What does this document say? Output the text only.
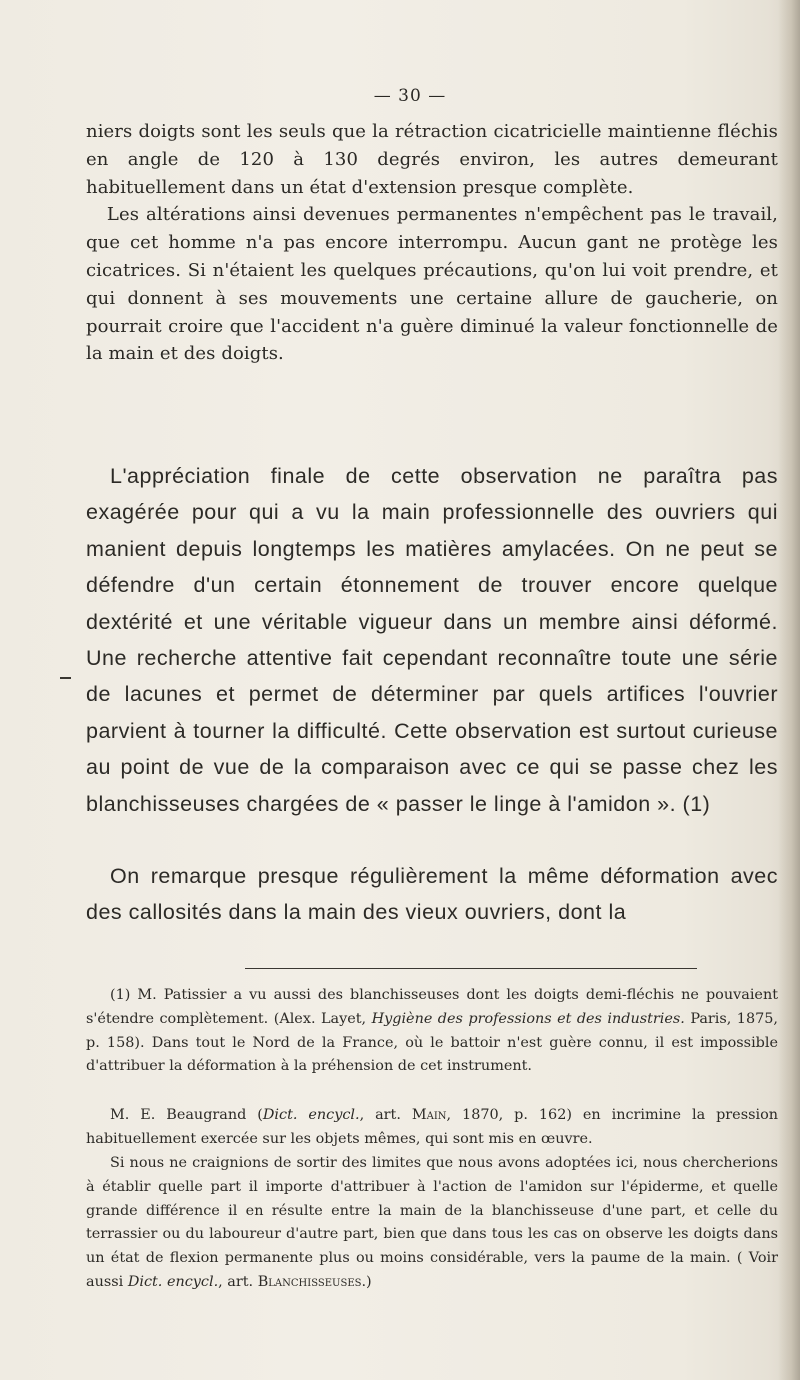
— 30 —

niers doigts sont les seuls que la rétraction cicatricielle maintienne fléchis en angle de 120 à 130 degrés environ, les autres demeurant habituellement dans un état d'extension presque complète.
Les altérations ainsi devenues permanentes n'empêchent pas le travail, que cet homme n'a pas encore interrompu. Aucun gant ne protège les cicatrices. Si n'étaient les quelques précautions, qu'on lui voit prendre, et qui donnent à ses mouvements une certaine allure de gaucherie, on pourrait croire que l'accident n'a guère diminué la valeur fonctionnelle de la main et des doigts.

L'appréciation finale de cette observation ne paraîtra pas exagérée pour qui a vu la main professionnelle des ouvriers qui manient depuis longtemps les matières amylacées. On ne peut se défendre d'un certain étonnement de trouver encore quelque dextérité et une véritable vigueur dans un membre ainsi déformé. Une recherche attentive fait cependant reconnaître toute une série de lacunes et permet de déterminer par quels artifices l'ouvrier parvient à tourner la difficulté. Cette observation est surtout curieuse au point de vue de la comparaison avec ce qui se passe chez les blanchisseuses chargées de « passer le linge à l'amidon ». (1)

On remarque presque régulièrement la même déformation avec des callosités dans la main des vieux ouvriers, dont la

(1) M. Patissier a vu aussi des blanchisseuses dont les doigts demi-fléchis ne pouvaient s'étendre complètement. (Alex. Layet, Hygiène des professions et des industries. Paris, 1875, p. 158). Dans tout le Nord de la France, où le battoir n'est guère connu, il est impossible d'attribuer la déformation à la préhension de cet instrument.

M. E. Beaugrand (Dict. encycl., art. Main, 1870, p. 162) en incrimine la pression habituellement exercée sur les objets mêmes, qui sont mis en œuvre.

Si nous ne craignions de sortir des limites que nous avons adoptées ici, nous chercherions à établir quelle part il importe d'attribuer à l'action de l'amidon sur l'épiderme, et quelle grande différence il en résulte entre la main de la blanchisseuse d'une part, et celle du terrassier ou du laboureur d'autre part, bien que dans tous les cas on observe les doigts dans un état de flexion permanente plus ou moins considérable, vers la paume de la main. ( Voir aussi Dict. encycl., art. Blanchisseuses.)
